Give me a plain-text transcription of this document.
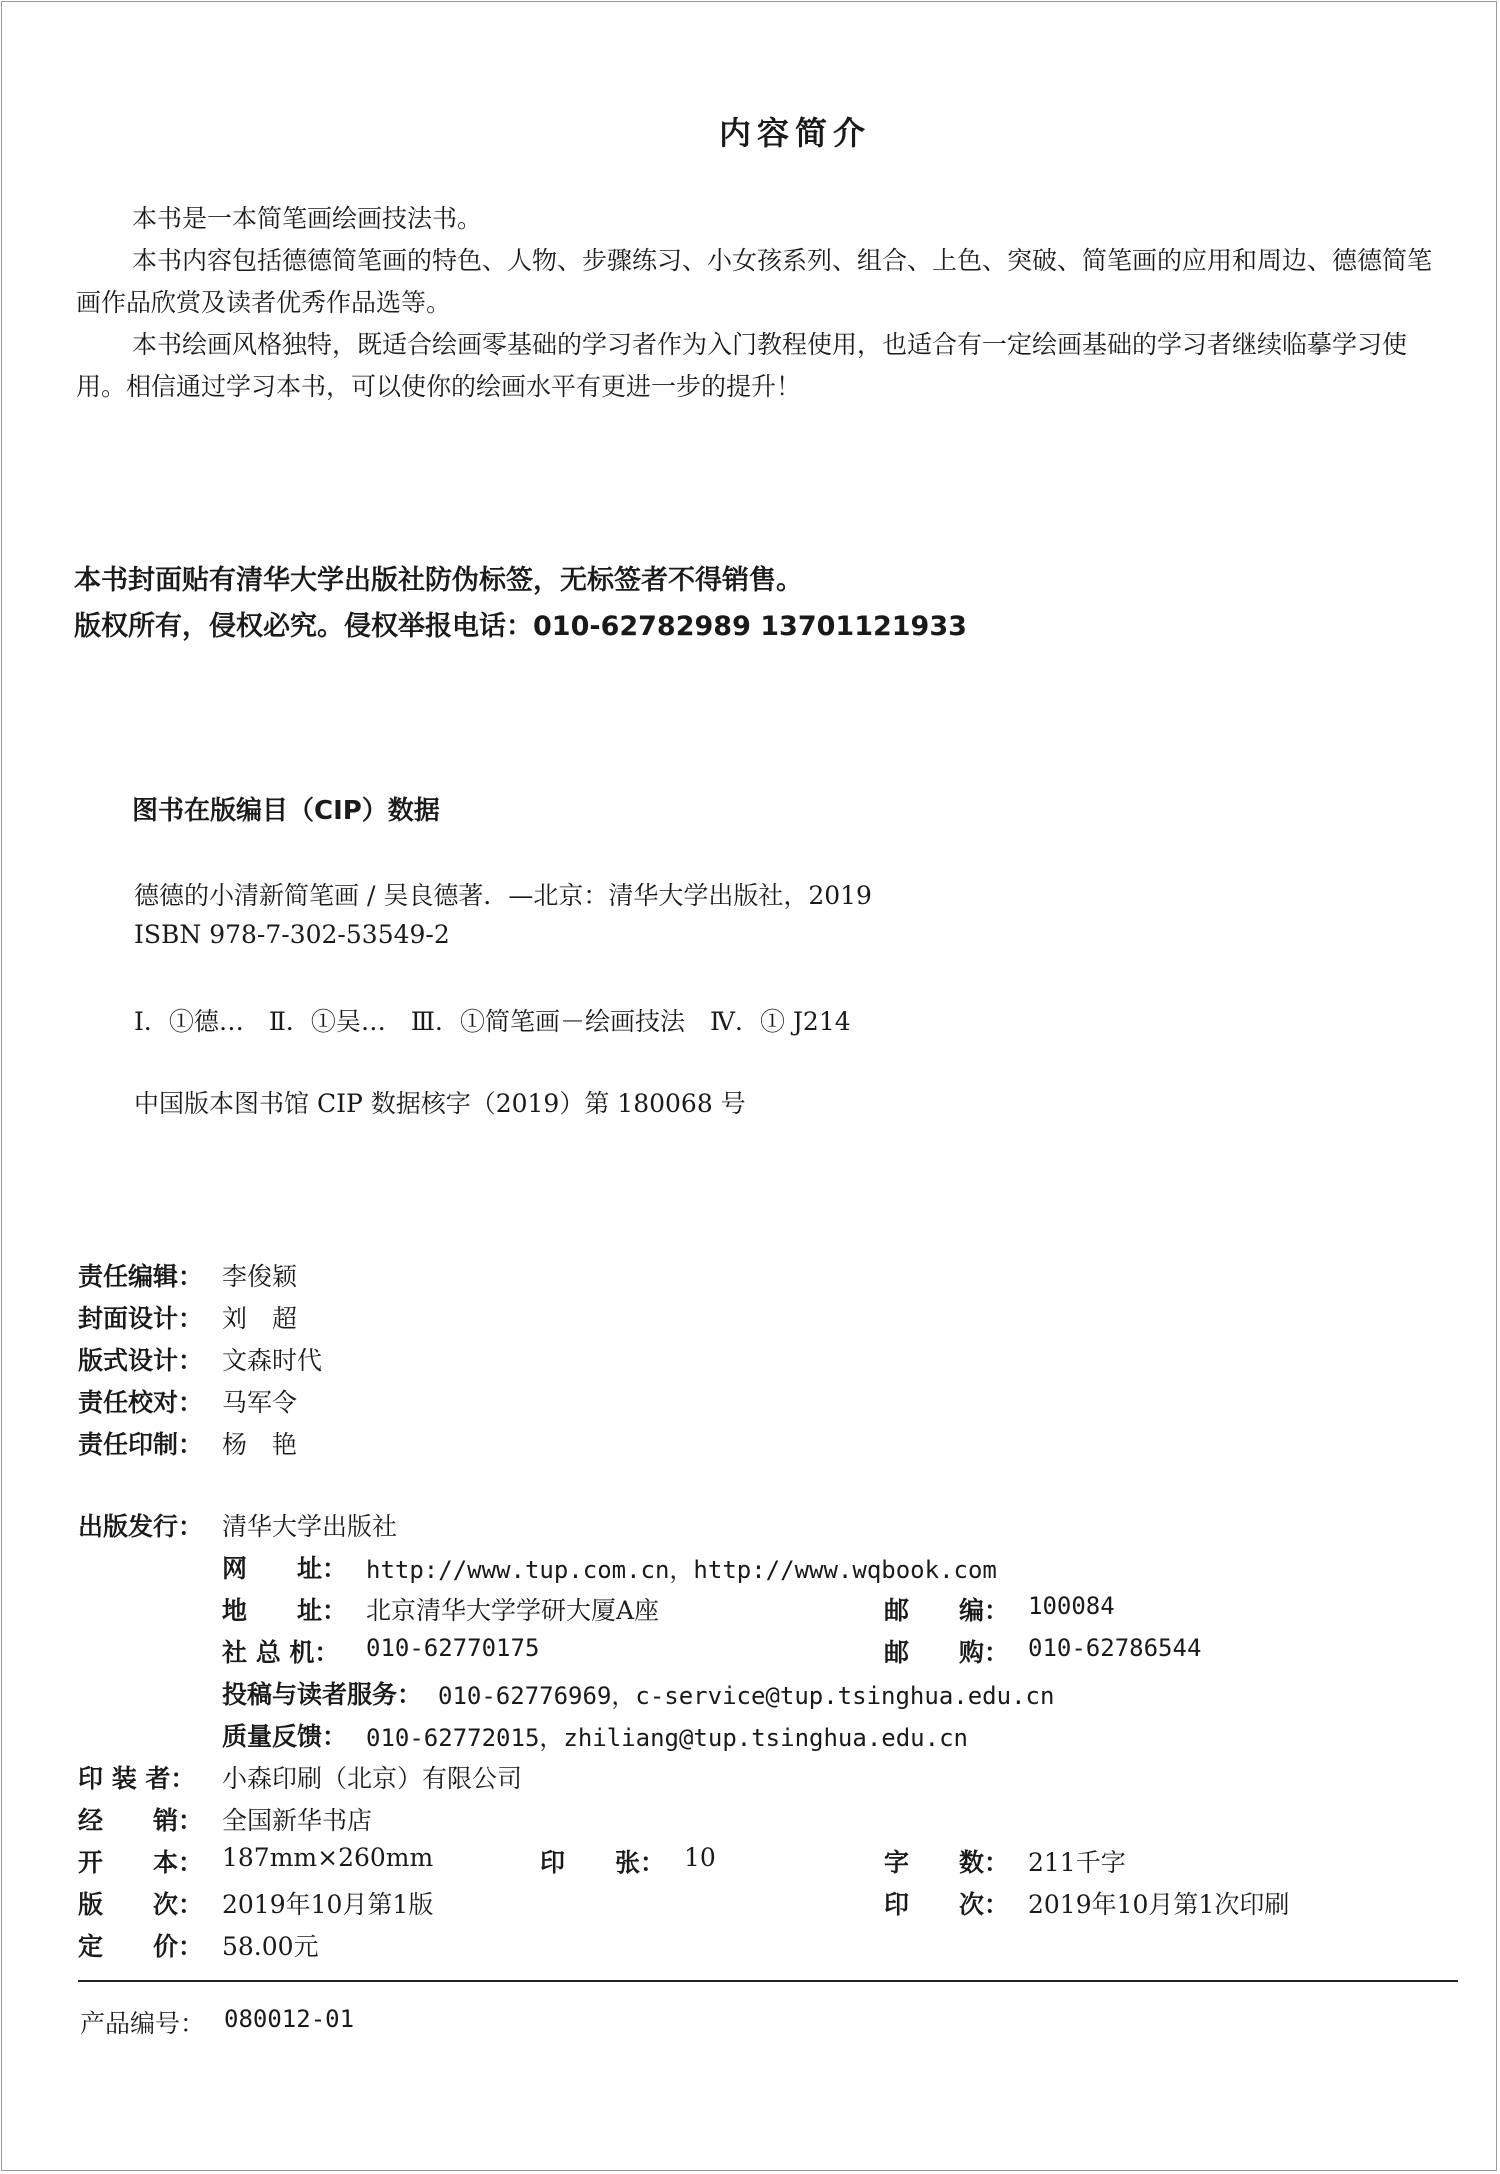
内容简介
本书是一本简笔画绘画技法书。
本书内容包括德德简笔画的特色、人物、步骤练习、小女孩系列、组合、上色、突破、简笔画的应用和周边、德德简笔画作品欣赏及读者优秀作品选等。
本书绘画风格独特，既适合绘画零基础的学习者作为入门教程使用，也适合有一定绘画基础的学习者继续临摹学习使用。相信通过学习本书，可以使你的绘画水平有更进一步的提升！
本书封面贴有清华大学出版社防伪标签，无标签者不得销售。
版权所有，侵权必究。侵权举报电话：010-62782989 13701121933
图书在版编目（CIP）数据
德德的小清新简笔画 / 吴良德著．—北京：清华大学出版社，2019
ISBN 978-7-302-53549-2
Ⅰ．①德…　Ⅱ．①吴…　Ⅲ．①简笔画－绘画技法　Ⅳ．① J214
中国版本图书馆 CIP 数据核字（2019）第 180068 号
责任编辑： 李俊颖
封面设计： 刘　超
版式设计： 文森时代
责任校对： 马军令
责任印制： 杨　艳
出版发行： 清华大学出版社
网　　址： http://www.tup.com.cn，http://www.wqbook.com
地　　址： 北京清华大学学研大厦A座	邮　　编： 100084
社 总 机： 010-62770175	邮　　购： 010-62786544
投稿与读者服务： 010-62776969，c-service@tup.tsinghua.edu.cn
质量反馈： 010-62772015，zhiliang@tup.tsinghua.edu.cn
印 装 者： 小森印刷（北京）有限公司
经　　销： 全国新华书店
开　　本： 187mm×260mm	印　　张： 10	字　　数： 211千字
版　　次： 2019年10月第1版	印　　次： 2019年10月第1次印刷
定　　价： 58.00元
产品编号： 080012-01
